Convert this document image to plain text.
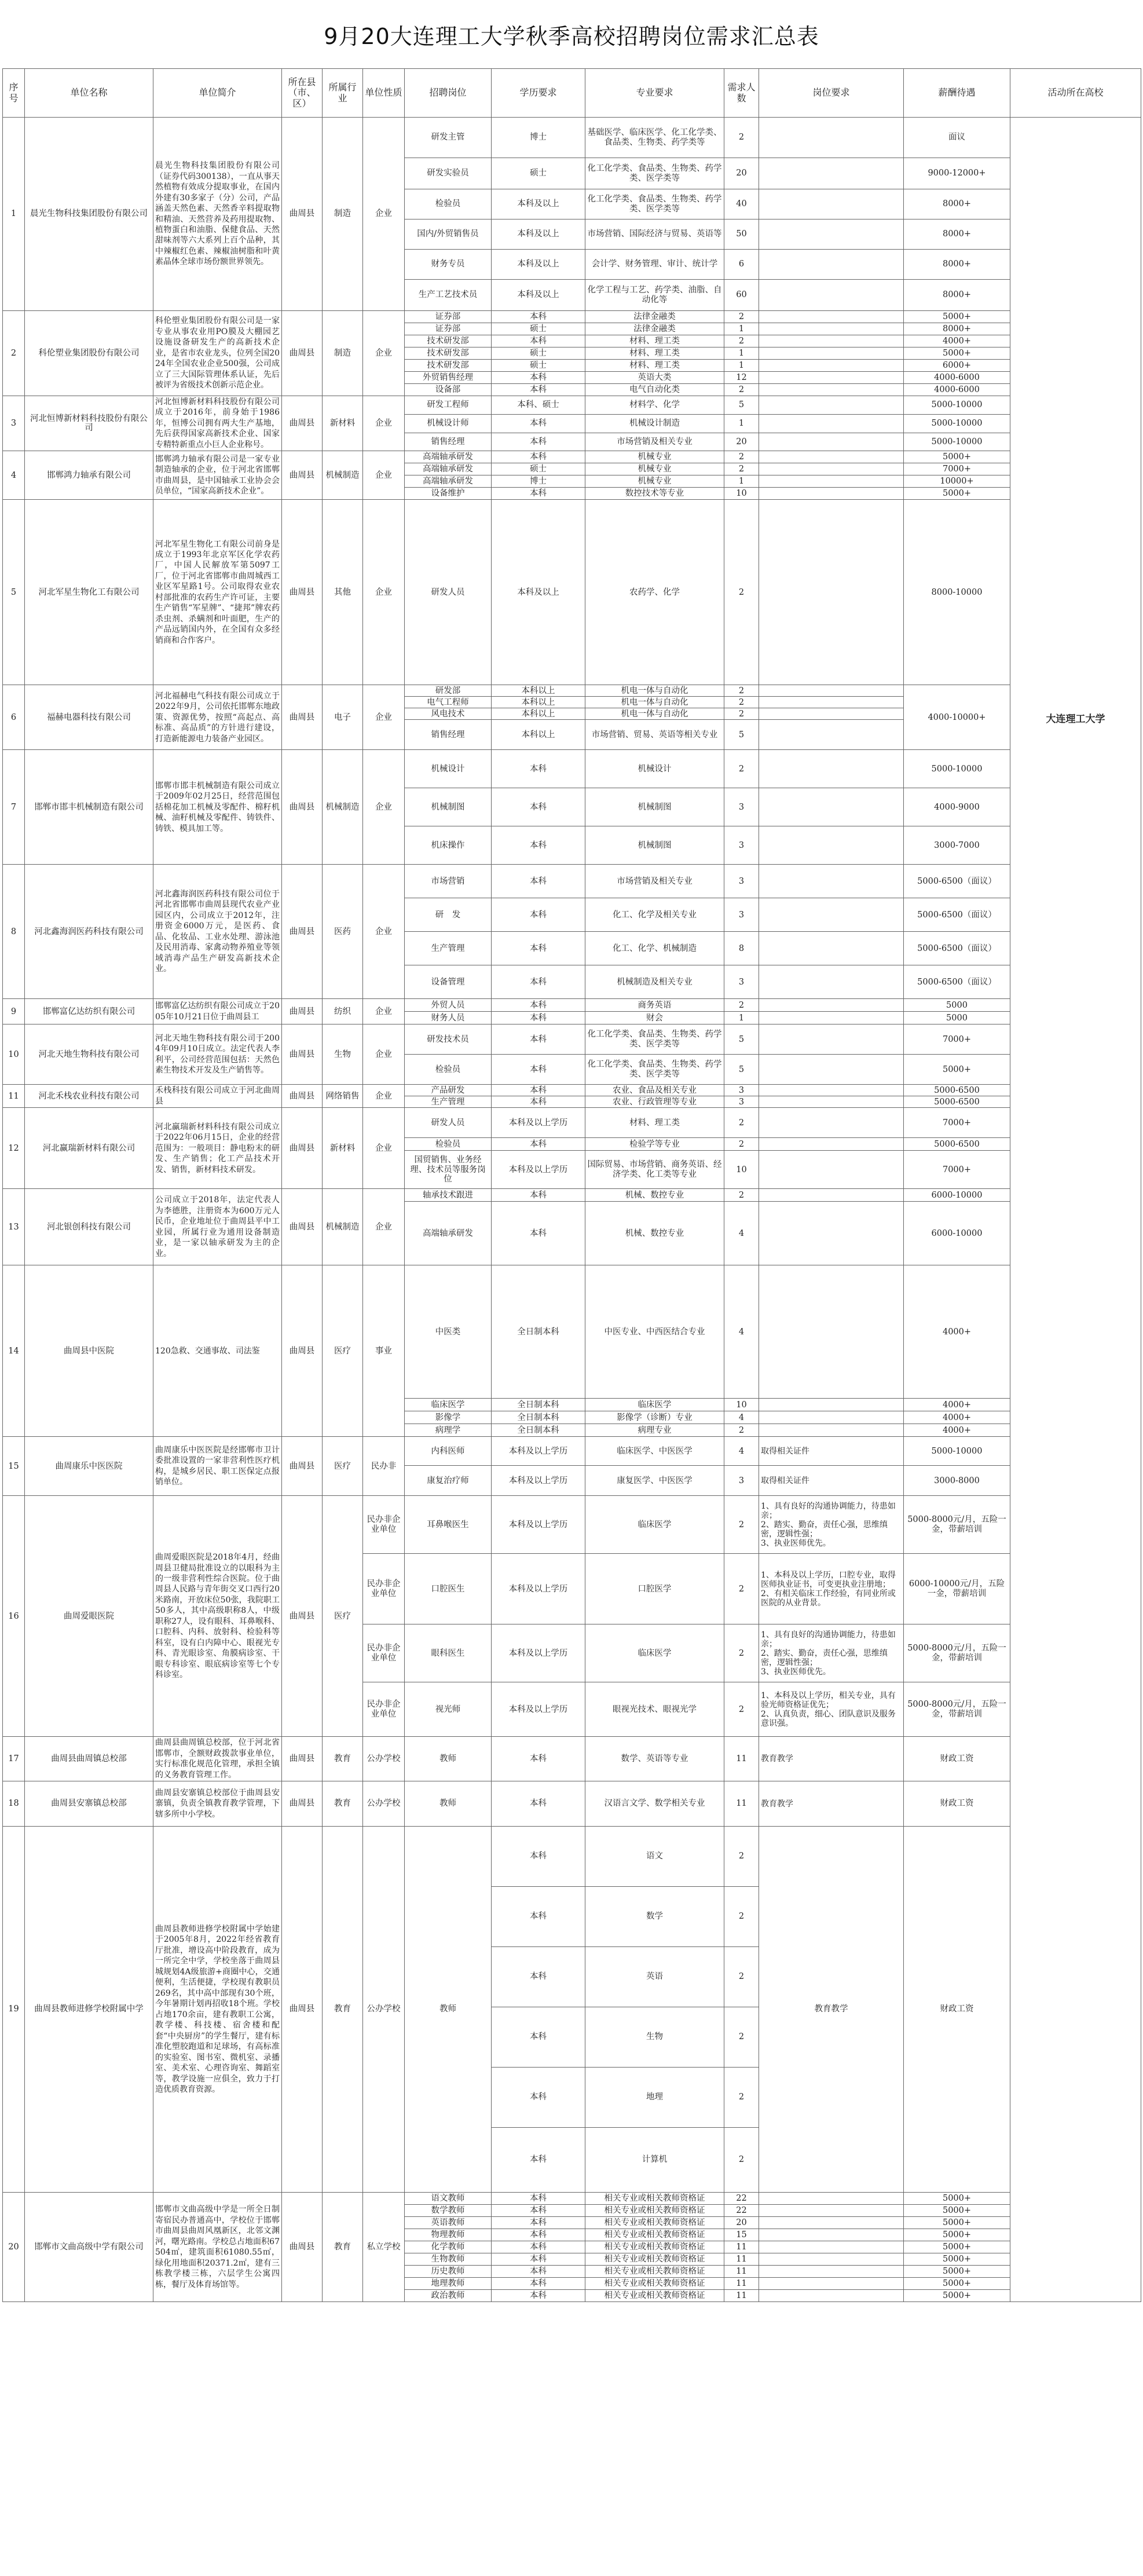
9月20大连理工大学秋季高校招聘岗位需求汇总表
序号	单位名称	单位简介	所在县（市、区）	所属行业	单位性质	招聘岗位	学历要求	专业要求	需求人数	岗位要求	薪酬待遇	活动所在高校
1	晨光生物科技集团股份有限公司	晨光生物科技集团股份有限公司（证券代码300138），一直从事天然植物有效成分提取事业，在国内外建有30多家子（分）公司，产品涵盖天然色素、天然香辛料提取物和精油、天然营养及药用提取物、植物蛋白和油脂、保健食品、天然甜味剂等六大系列上百个品种，其中辣椒红色素、辣椒油树脂和叶黄素晶体全球市场份额世界领先。	曲周县	制造	企业	研发主管	博士	基础医学、临床医学、化工化学类、食品类、生物类、药学类等	2		面议	大连理工大学
						研发实验员	硕士	化工化学类、食品类、生物类、药学类、医学类等	20		9000-12000+	
						检验员	本科及以上	化工化学类、食品类、生物类、药学类、医学类等	40		8000+	
						国内/外贸销售员	本科及以上	市场营销、国际经济与贸易、英语等	50		8000+	
						财务专员	本科及以上	会计学、财务管理、审计、统计学	6		8000+	
						生产工艺技术员	本科及以上	化学工程与工艺、药学类、油脂、自动化等	60		8000+	
2	科伦塑业集团股份有限公司	科伦塑业集团股份有限公司是一家专业从事农业用PO膜及大棚园艺设施设备研发生产的高新技术企业，是省市农业龙头，位列全国2024年全国农业企业500强，公司成立了三大国际管理体系认证，先后被评为省级技术创新示范企业。	曲周县	制造	企业	证券部	本科	法律金融类	2		5000+	
						证券部	硕士	法律金融类	1		8000+	
						技术研发部	本科	材料、理工类	2		4000+	
						技术研发部	硕士	材料、理工类	1		5000+	
						技术研发部	硕士	材料、理工类	1		6000+	
						外贸销售经理	本科	英语大类	12		4000-6000	
						设备部	本科	电气自动化类	2		4000-6000	
3	河北恒博新材料科技股份有限公司	河北恒博新材料科技股份有限公司成立于2016年，前身始于1986年，恒博公司拥有两大生产基地，先后获得国家高新技术企业、国家专精特新重点小巨人企业称号。	曲周县	新材料	企业	研发工程师	本科、硕士	材料学、化学	5		5000-10000	
						机械设计师	本科	机械设计制造	1		5000-10000	
						销售经理	本科	市场营销及相关专业	20		5000-10000	
4	邯郸鸿力轴承有限公司	邯郸鸿力轴承有限公司是一家专业制造轴承的企业，位于河北省邯郸市曲周县，是中国轴承工业协会会员单位，“国家高新技术企业”。	曲周县	机械制造	企业	高端轴承研发	本科	机械专业	2		5000+	
						高端轴承研发	硕士	机械专业	2		7000+	
						高端轴承研发	博士	机械专业	1		10000+	
						设备维护	本科	数控技术等专业	10		5000+	
5	河北军星生物化工有限公司	河北军星生物化工有限公司前身是成立于1993年北京军区化学农药厂，中国人民解放军第5097工厂，位于河北省邯郸市曲周城西工业区军星路1号。公司取得农业农村部批准的农药生产许可证，主要生产销售“军星牌”、“捷邦”牌农药杀虫剂、杀螨剂和叶面肥，生产的产品远销国内外，在全国有众多经销商和合作客户。	曲周县	其他	企业	研发人员	本科及以上	农药学、化学	2		8000-10000	
6	福赫电器科技有限公司	河北福赫电气科技有限公司成立于2022年9月，公司依托邯郸东地政策、资源优势，按照“高起点、高标准、高品质”的方针进行建设，打造新能源电力装备产业园区。	曲周县	电子	企业	研发部	本科以上	机电一体与自动化	2		4000-10000+	
						电气工程师	本科以上	机电一体与自动化	2			
						风电技术	本科以上	机电一体与自动化	2			
						销售经理	本科以上	市场营销、贸易、英语等相关专业	5			
7	邯郸市邯丰机械制造有限公司	邯郸市邯丰机械制造有限公司成立于2009年02月25日，经营范围包括棉花加工机械及零配件、棉籽机械、油籽机械及零配件、铸铁件、铸铁、模具加工等。	曲周县	机械制造	企业	机械设计	本科	机械设计	2		5000-10000	
						机械制图	本科	机械制图	3		4000-9000	
						机床操作	本科	机械制图	3		3000-7000	
8	河北鑫海润医药科技有限公司	河北鑫海润医药科技有限公司位于河北省邯郸市曲周县现代农业产业园区内，公司成立于2012年，注册资金6000万元，是医药、食品、化妆品、工业水处理、游泳池及民用消毒、家禽动物养殖业等领域消毒产品生产研发高新技术企业。	曲周县	医药	企业	市场营销	本科	市场营销及相关专业	3		5000-6500（面议）	
						研　发	本科	化工、化学及相关专业	3		5000-6500（面议）	
						生产管理	本科	化工、化学、机械制造	8		5000-6500（面议）	
						设备管理	本科	机械制造及相关专业	3		5000-6500（面议）	
9	邯郸富亿达纺织有限公司	邯郸富亿达纺织有限公司成立于2005年10月21日位于曲周县工	曲周县	纺织	企业	外贸人员	本科	商务英语	2		5000	
						财务人员	本科	财会	1		5000	
10	河北天地生物科技有限公司	河北天地生物科技有限公司于2004年09月10日成立。法定代表人李利平，公司经营范围包括：天然色素生物技术开发及生产销售等。	曲周县	生物	企业	研发技术员	本科	化工化学类、食品类、生物类、药学类、医学类等	5		7000+	
						检验员	本科	化工化学类、食品类、生物类、药学类、医学类等	5		5000+	
11	河北禾栈农业科技有限公司	禾栈科技有限公司成立于河北曲周县	曲周县	网络销售	企业	产品研发	本科	农业、食品及相关专业	3		5000-6500	
						生产管理	本科	农业、行政管理等专业	3		5000-6500	
12	河北赢瑞新材料有限公司	河北赢瑞新材料科技有限公司成立于2022年06月15日，企业的经营范围为：一般项目：静电粉末的研发、生产销售；化工产品技术开发、销售，新材料技术研发。	曲周县	新材料	企业	研发人员	本科及以上学历	材料、理工类	2		7000+	
						检验员	本科	检验学等专业	2		5000-6500	
						国贸销售、业务经理、技术员等服务岗位	本科及以上学历	国际贸易、市场营销、商务英语、经济学类、化工类等专业	10		7000+	
13	河北银创科技有限公司	公司成立于2018年，法定代表人为李德胜，注册资本为600万元人民币，企业地址位于曲周县平中工业园，所属行业为通用设备制造业，是一家以轴承研发为主的企业。	曲周县	机械制造	企业	轴承技术跟进	本科	机械、数控专业	2		6000-10000	
						高端轴承研发	本科	机械、数控专业	4		6000-10000	
14	曲周县中医院	120急救、交通事故、司法鉴	曲周县	医疗	事业	中医类	全日制本科	中医专业、中西医结合专业	4		4000+	
						临床医学	全日制本科	临床医学	10		4000+	
						影像学	全日制本科	影像学（诊断）专业	4		4000+	
						病理学	全日制本科	病理专业	2		4000+	
15	曲周康乐中医医院	曲周康乐中医医院是经邯郸市卫计委批准设置的一家非营利性医疗机构，是城乡居民、职工医保定点报销单位。	曲周县	医疗	民办非	内科医师	本科及以上学历	临床医学、中医医学	4	取得相关证件	5000-10000	
						康复治疗师	本科及以上学历	康复医学、中医医学	3	取得相关证件	3000-8000	
16	曲周爱眼医院	曲周爱眼医院是2018年4月，经曲周县卫健局批准设立的以眼科为主的一级非营利性综合医院。位于曲周县人民路与青年街交叉口西行20米路南，开放床位50张，我院职工50多人，其中高级职称8人，中级职称27人，设有眼科、耳鼻喉科、口腔科、内科、放射科、检验科等科室，设有白内障中心、眼视光专科、青光眼诊室、角膜病诊室、干眼专科诊室、眼底病诊室等七个专科诊室。	曲周县	医疗	民办非企业单位	耳鼻喉医生	本科及以上学历	临床医学	2	1、具有良好的沟通协调能力，待患如亲；
2、踏实、勤奋，责任心强，思维缜密，逻辑性强；
3、执业医师优先。	5000-8000元/月，五险一金，带薪培训	
					民办非企业单位	口腔医生	本科及以上学历	口腔医学	2	1、本科及以上学历，口腔专业，取得医师执业证书，可变更执业注册地；
2、有相关临床工作经验，有同业所或医院的从业背景。	6000-10000元/月，五险一金，带薪培训	
					民办非企业单位	眼科医生	本科及以上学历	临床医学	2	1、具有良好的沟通协调能力，待患如亲；
2、踏实、勤奋，责任心强，思维缜密，逻辑性强；
3、执业医师优先。	5000-8000元/月，五险一金，带薪培训	
					民办非企业单位	视光师	本科及以上学历	眼视光技术、眼视光学	2	1、本科及以上学历，相关专业，具有验光师资格证优先；
2、认真负责，细心、团队意识及服务意识强。	5000-8000元/月，五险一金，带薪培训	
17	曲周县曲周镇总校部	曲周县曲周镇总校部，位于河北省邯郸市，全额财政拨款事业单位，实行标准化规范化管理，承担全镇的义务教育管理工作。	曲周县	教育	公办学校	教师	本科	数学、英语等专业	11	教育教学	财政工资	
18	曲周县安寨镇总校部	曲周县安寨镇总校部位于曲周县安寨镇，负责全镇教育教学管理，下辖多所中小学校。	曲周县	教育	公办学校	教师	本科	汉语言文学、数学相关专业	11	教育教学	财政工资	
19	曲周县教师进修学校附属中学	曲周县教师进修学校附属中学始建于2005年8月，2022年经省教育厅批准，增设高中阶段教育，成为一所完全中学，学校坐落于曲周县城规划4A级旅游+商圈中心，交通便利，生活便捷，学校现有教职员269名，其中高中部现有30个班，今年暑期计划再招收18个班。学校占地170余亩，建有教职工公寓，教学楼、科技楼、宿舍楼和配套“中央厨房”的学生餐厅，建有标准化塑胶跑道和足球场，有高标准的实验室、图书室、微机室、录播室、美术室、心理咨询室、舞蹈室等，教学设施一应俱全，致力于打造优质教育资源。	曲周县	教育	公办学校	教师	本科	语文	2	教育教学	财政工资	
							本科	数学	2			
							本科	英语	2			
							本科	生物	2			
							本科	地理	2			
							本科	计算机	2			
20	邯郸市文曲高级中学有限公司	邯郸市文曲高级中学是一所全日制寄宿民办普通高中，学校位于邯郸市曲周县曲周风凰新区，北邻文渊河，曙光路南。学校总占地面积67504㎡，建筑面积61080.55㎡，绿化用地面积20371.2㎡，建有三栋教学楼三栋，六层学生公寓四栋，餐厅及体育场馆等。	曲周县	教育	私立学校	语文教师	本科	相关专业或相关教师资格证	22		5000+	
						数学教师	本科	相关专业或相关教师资格证	22		5000+	
						英语教师	本科	相关专业或相关教师资格证	20		5000+	
						物理教师	本科	相关专业或相关教师资格证	15		5000+	
						化学教师	本科	相关专业或相关教师资格证	11		5000+	
						生物教师	本科	相关专业或相关教师资格证	11		5000+	
						历史教师	本科	相关专业或相关教师资格证	11		5000+	
						地理教师	本科	相关专业或相关教师资格证	11		5000+	
						政治教师	本科	相关专业或相关教师资格证	11		5000+	
